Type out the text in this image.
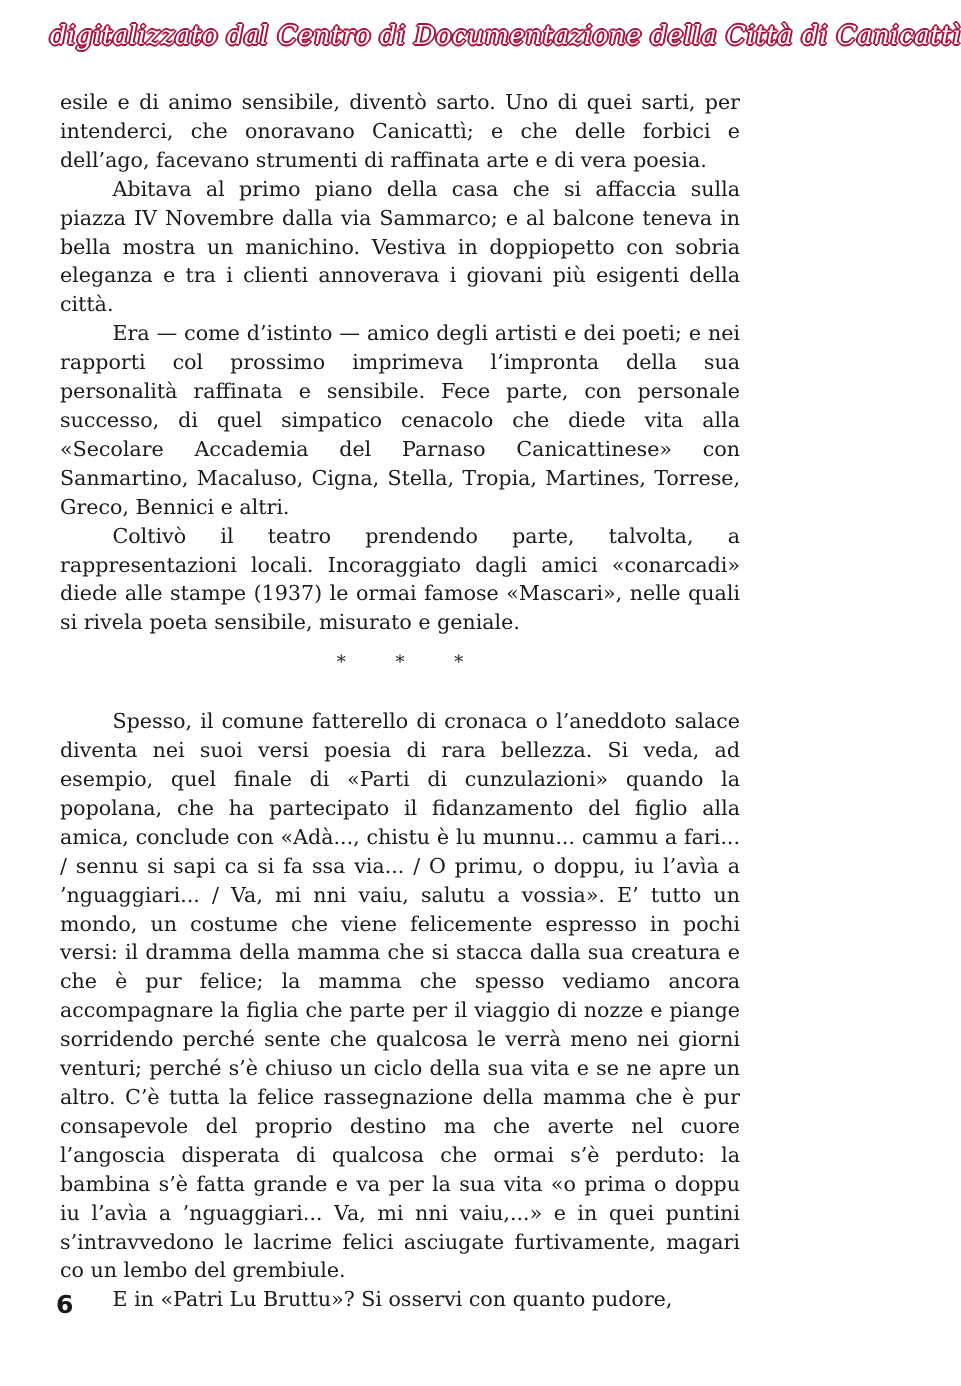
digitalizzato dal Centro di Documentazione della Città di Canicattì

esile e di animo sensibile, diventò sarto. Uno di quei sarti, per intenderci, che onoravano Canicattì; e che delle forbici e dell’ago, facevano strumenti di raffinata arte e di vera poesia.

Abitava al primo piano della casa che si affaccia sulla piazza IV Novembre dalla via Sammarco; e al balcone teneva in bella mostra un manichino. Vestiva in doppiopetto con sobria eleganza e tra i clienti annoverava i giovani più esigenti della città.

Era — come d’istinto — amico degli artisti e dei poeti; e nei rapporti col prossimo imprimeva l’impronta della sua personalità raffinata e sensibile. Fece parte, con personale successo, di quel simpatico cenacolo che diede vita alla «Secolare Accademia del Parnaso Canicattinese» con Sanmartino, Macaluso, Cigna, Stella, Tropia, Martines, Torrese, Greco, Bennici e altri.

Coltivò il teatro prendendo parte, talvolta, a rappresentazioni locali. Incoraggiato dagli amici «conarcadi» diede alle stampe (1937) le ormai famose «Mascari», nelle quali si rivela poeta sensibile, misurato e geniale.

* * *

Spesso, il comune fatterello di cronaca o l’aneddoto salace diventa nei suoi versi poesia di rara bellezza. Si veda, ad esempio, quel finale di «Parti di cunzulazioni» quando la popolana, che ha partecipato il fidanzamento del figlio alla amica, conclude con «Adà..., chistu è lu munnu... cammu a fari... / sennu si sapi ca si fa ssa via... / O primu, o doppu, iu l’avìa a ’nguaggiari... / Va, mi nni vaiu, salutu a vossia». E’ tutto un mondo, un costume che viene felicemente espresso in pochi versi: il dramma della mamma che si stacca dalla sua creatura e che è pur felice; la mamma che spesso vediamo ancora accompagnare la figlia che parte per il viaggio di nozze e piange sorridendo perché sente che qualcosa le verrà meno nei giorni venturi; perché s’è chiuso un ciclo della sua vita e se ne apre un altro. C’è tutta la felice rassegnazione della mamma che è pur consapevole del proprio destino ma che averte nel cuore l’angoscia disperata di qualcosa che ormai s’è perduto: la bambina s’è fatta grande e va per la sua vita «o prima o doppu iu l’avìa a ’nguaggiari... Va, mi nni vaiu,...» e in quei puntini s’intravvedono le lacrime felici asciugate furtivamente, magari co un lembo del grembiule.

E in «Patri Lu Bruttu»? Si osservi con quanto pudore,

6
